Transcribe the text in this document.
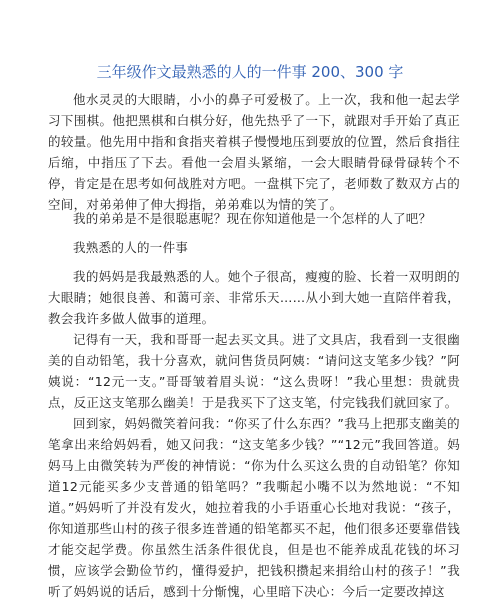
三年级作文最熟悉的人的一件事 200、300 字

他水灵灵的大眼睛，小小的鼻子可爱极了。上一次，我和他一起去学习下围棋。他把黑棋和白棋分好，他先热乎了一下，就跟对手开始了真正的较量。他先用中指和食指夹着棋子慢慢地压到要放的位置，然后食指往后缩，中指压了下去。看他一会眉头紧缩，一会大眼睛骨碌骨碌转个不停，肯定是在思考如何战胜对方吧。一盘棋下完了，老师数了数双方占的空间，对弟弟伸了伸大拇指，弟弟难以为情的笑了。

我的弟弟是不是很聪惠呢？现在你知道他是一个怎样的人了吧？

我熟悉的人的一件事

我的妈妈是我最熟悉的人。她个子很高，瘦瘦的脸、长着一双明朗的大眼睛；她很良善、和蔼可亲、非常乐天……从小到大她一直陪伴着我，教会我许多做人做事的道理。

记得有一天，我和哥哥一起去买文具。进了文具店，我看到一支很幽美的自动铅笔，我十分喜欢，就问售货员阿姨：“请问这支笔多少钱？”阿姨说：“12元一支。”哥哥皱着眉头说：“这么贵呀！”我心里想：贵就贵点，反正这支笔那么幽美！于是我买下了这支笔，付完钱我们就回家了。

回到家，妈妈微笑着问我：“你买了什么东西？”我马上把那支幽美的笔拿出来给妈妈看，她又问我：“这支笔多少钱？”“12元”我回答道。妈妈马上由微笑转为严俊的神情说：“你为什么买这么贵的自动铅笔？你知道12元能买多少支普通的铅笔吗？”我嘶起小嘴不以为然地说：“不知道。”妈妈听了并没有发火，她拉着我的小手语重心长地对我说：“孩子，你知道那些山村的孩子很多连普通的铅笔都买不起，他们很多还要靠借钱才能交起学费。你虽然生活条件很优良，但是也不能养成乱花钱的坏习惯，应该学会勤俭节约，懂得爱护，把钱积攒起来捐给山村的孩子！”我听了妈妈说的话后，感到十分惭愧，心里暗下决心：今后一定要改掉这
